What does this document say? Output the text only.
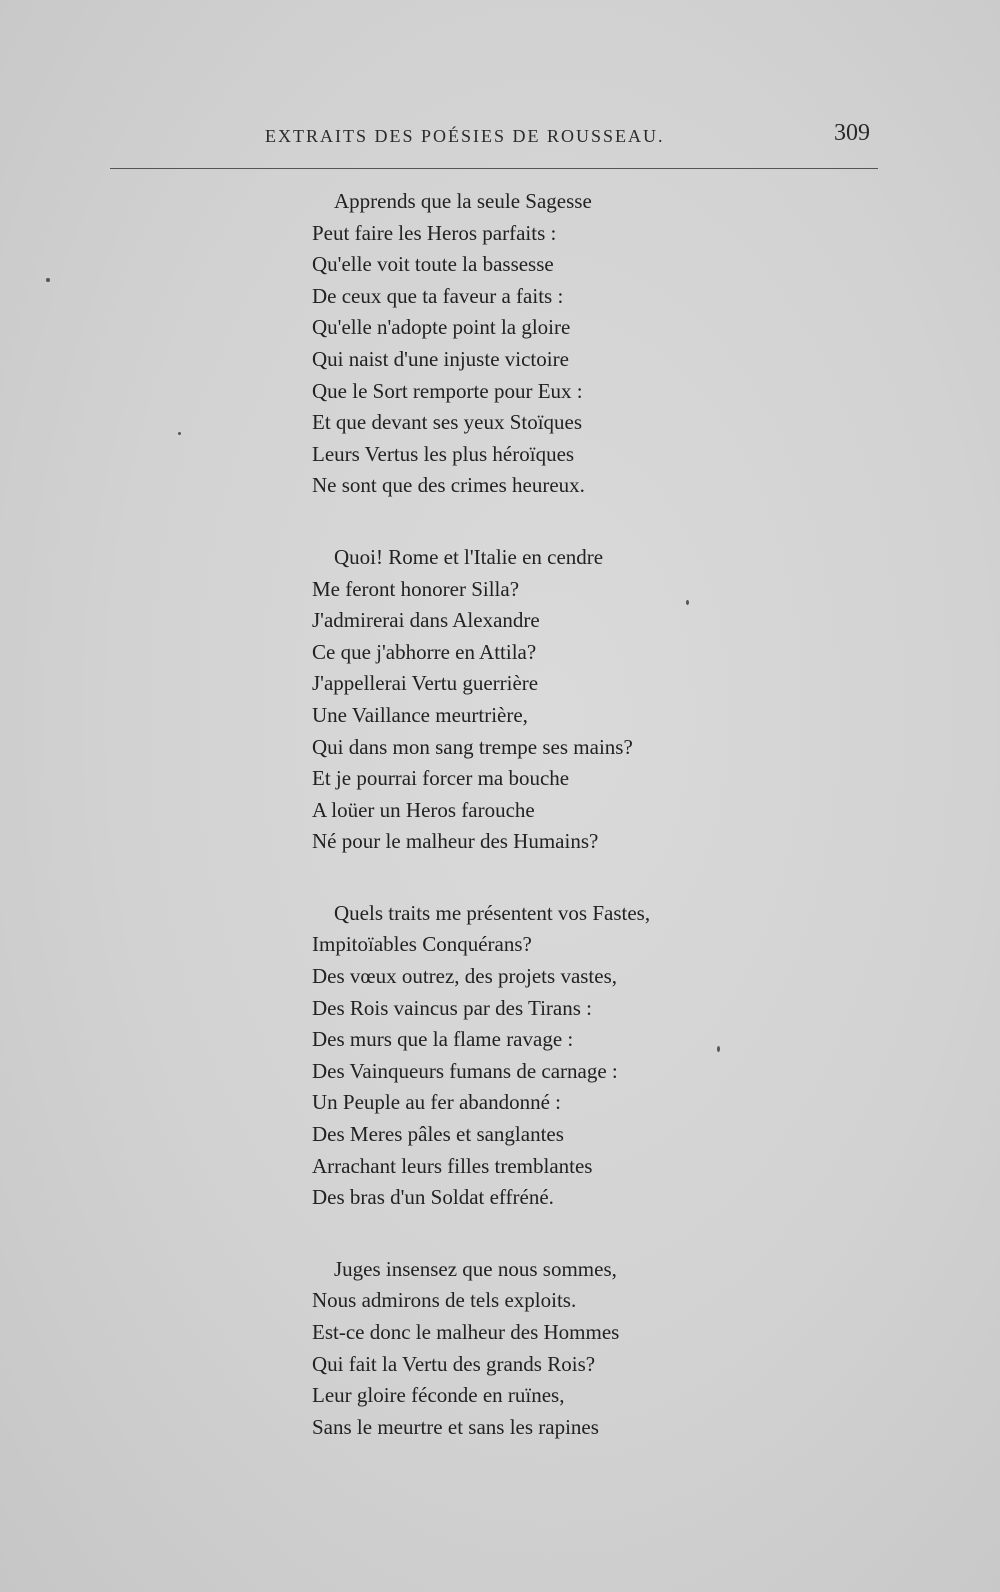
EXTRAITS DES POÉSIES DE ROUSSEAU.	309
Apprends que la seule Sagesse
Peut faire les Heros parfaits :
Qu'elle voit toute la bassesse
De ceux que ta faveur a faits :
Qu'elle n'adopte point la gloire
Qui naist d'une injuste victoire
Que le Sort remporte pour Eux :
Et que devant ses yeux Stoïques
Leurs Vertus les plus héroïques
Ne sont que des crimes heureux.
Quoi! Rome et l'Italie en cendre
Me feront honorer Silla?
J'admirerai dans Alexandre
Ce que j'abhorre en Attila?
J'appellerai Vertu guerrière
Une Vaillance meurtrière,
Qui dans mon sang trempe ses mains?
Et je pourrai forcer ma bouche
A loüer un Heros farouche
Né pour le malheur des Humains?
Quels traits me présentent vos Fastes,
Impitoïables Conquérans?
Des vœux outrez, des projets vastes,
Des Rois vaincus par des Tirans :
Des murs que la flame ravage :
Des Vainqueurs fumans de carnage :
Un Peuple au fer abandonné :
Des Meres pâles et sanglantes
Arrachant leurs filles tremblantes
Des bras d'un Soldat effréné.
Juges insensez que nous sommes,
Nous admirons de tels exploits.
Est-ce donc le malheur des Hommes
Qui fait la Vertu des grands Rois?
Leur gloire féconde en ruïnes,
Sans le meurtre et sans les rapines
